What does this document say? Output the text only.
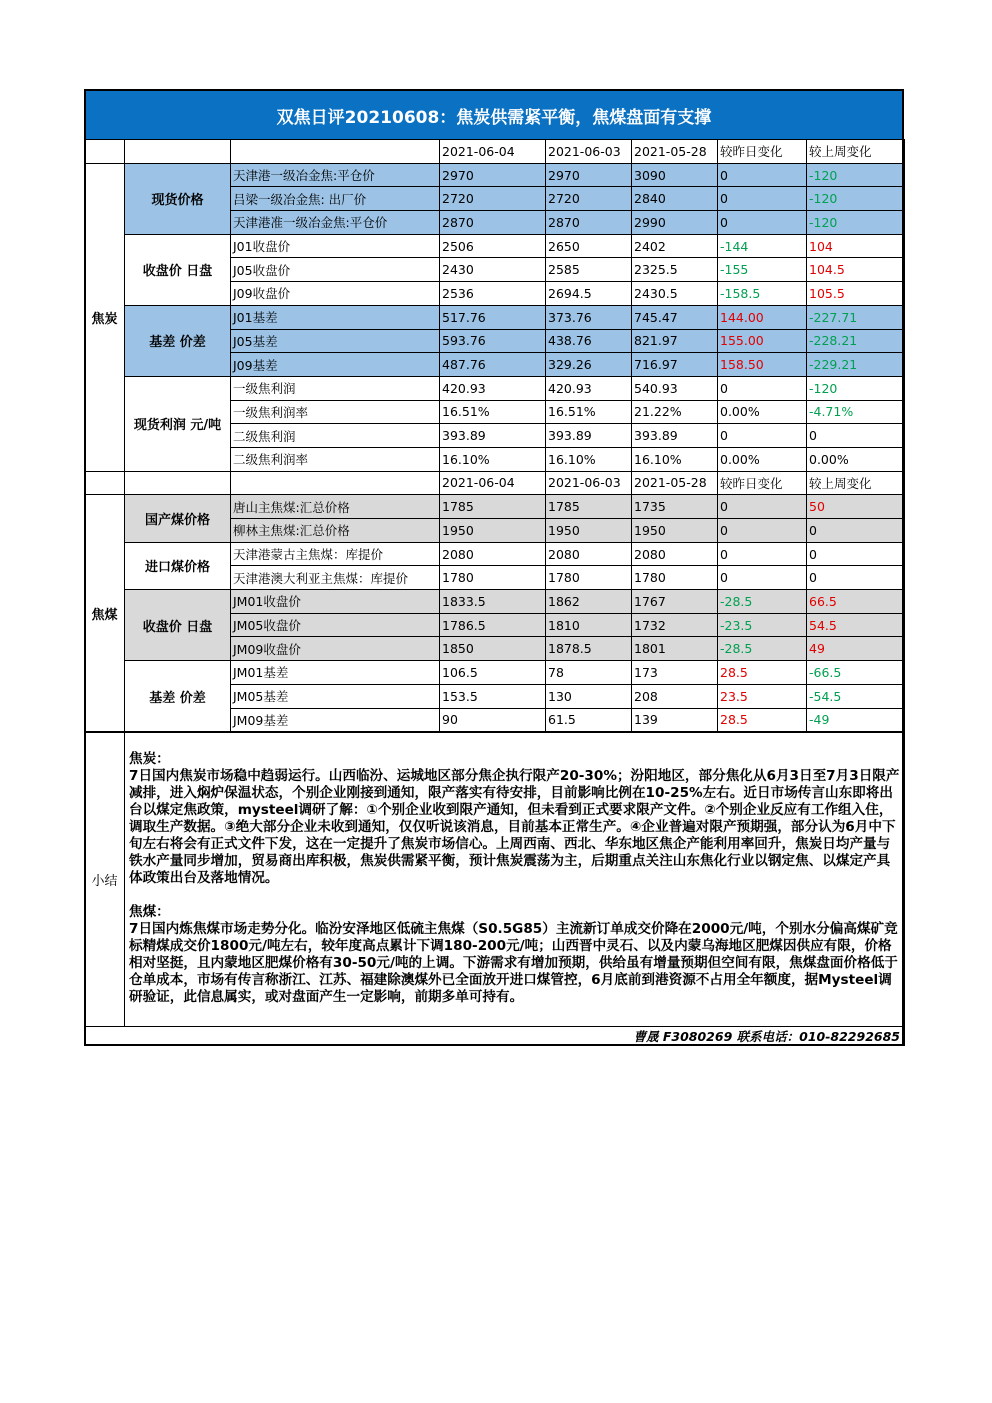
双焦日评20210608：焦炭供需紧平衡，焦煤盘面有支撑
			2021-06-04	2021-06-03	2021-05-28	较昨日变化	较上周变化
焦炭	现货价格	天津港一级冶金焦:平仓价	2970	2970	3090	0	-120
		吕梁一级冶金焦: 出厂价	2720	2720	2840	0	-120
		天津港准一级冶金焦:平仓价	2870	2870	2990	0	-120
	收盘价 日盘	J01收盘价	2506	2650	2402	-144	104
		J05收盘价	2430	2585	2325.5	-155	104.5
		J09收盘价	2536	2694.5	2430.5	-158.5	105.5
	基差 价差	J01基差	517.76	373.76	745.47	144.00	-227.71
		J05基差	593.76	438.76	821.97	155.00	-228.21
		J09基差	487.76	329.26	716.97	158.50	-229.21
	现货利润 元/吨	一级焦利润	420.93	420.93	540.93	0	-120
		一级焦利润率	16.51%	16.51%	21.22%	0.00%	-4.71%
		二级焦利润	393.89	393.89	393.89	0	0
		二级焦利润率	16.10%	16.10%	16.10%	0.00%	0.00%
			2021-06-04	2021-06-03	2021-05-28	较昨日变化	较上周变化
焦煤	国产煤价格	唐山主焦煤:汇总价格	1785	1785	1735	0	50
		柳林主焦煤:汇总价格	1950	1950	1950	0	0
	进口煤价格	天津港蒙古主焦煤：库提价	2080	2080	2080	0	0
		天津港澳大利亚主焦煤：库提价	1780	1780	1780	0	0
	收盘价 日盘	JM01收盘价	1833.5	1862	1767	-28.5	66.5
		JM05收盘价	1786.5	1810	1732	-23.5	54.5
		JM09收盘价	1850	1878.5	1801	-28.5	49
	基差 价差	JM01基差	106.5	78	173	28.5	-66.5
		JM05基差	153.5	130	208	23.5	-54.5
		JM09基差	90	61.5	139	28.5	-49
小结	
焦炭：
7日国内焦炭市场稳中趋弱运行。山西临汾、运城地区部分焦企执行限产20-30%；汾阳地区，部分焦化从6月3日至7月3日限产减排，进入焖炉保温状态，个别企业刚接到通知，限产落实有待安排，目前影响比例在10-25%左右。近日市场传言山东即将出台以煤定焦政策，mysteel调研了解：①个别企业收到限产通知，但未看到正式要求限产文件。②个别企业反应有工作组入住，调取生产数据。③绝大部分企业未收到通知，仅仅听说该消息，目前基本正常生产。④企业普遍对限产预期强，部分认为6月中下旬左右将会有正式文件下发，这在一定提升了焦炭市场信心。上周西南、西北、华东地区焦企产能利用率回升，焦炭日均产量与铁水产量同步增加，贸易商出库积极，焦炭供需紧平衡，预计焦炭震荡为主，后期重点关注山东焦化行业以钢定焦、以煤定产具体政策出台及落地情况。
焦煤：
7日国内炼焦煤市场走势分化。临汾安泽地区低硫主焦煤（S0.5G85）主流新订单成交价降在2000元/吨，个别水分偏高煤矿竞标精煤成交价1800元/吨左右，较年度高点累计下调180-200元/吨；山西晋中灵石、以及内蒙乌海地区肥煤因供应有限，价格相对坚挺，且内蒙地区肥煤价格有30-50元/吨的上调。下游需求有增加预期，供给虽有增量预期但空间有限，焦煤盘面价格低于仓单成本，市场有传言称浙江、江苏、福建除澳煤外已全面放开进口煤管控，6月底前到港资源不占用全年额度，据Mysteel调研验证，此信息属实，或对盘面产生一定影响，前期多单可持有。
曹晟 F3080269 联系电话：010-82292685
